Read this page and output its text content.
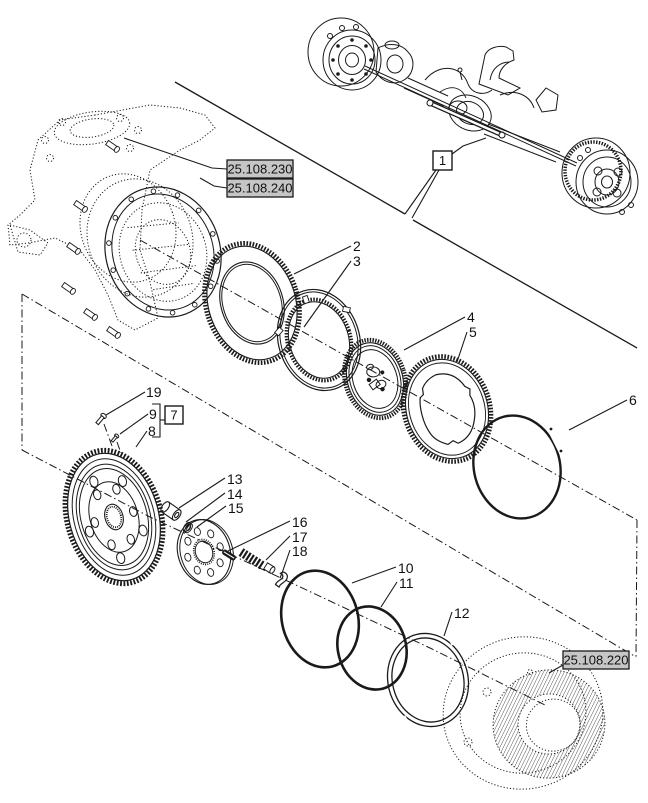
2
3
4
5
6
19
9
8
13
14
15
16
17
18
10
11
12
1
7
25.108.230
25.108.240
25.108.220
